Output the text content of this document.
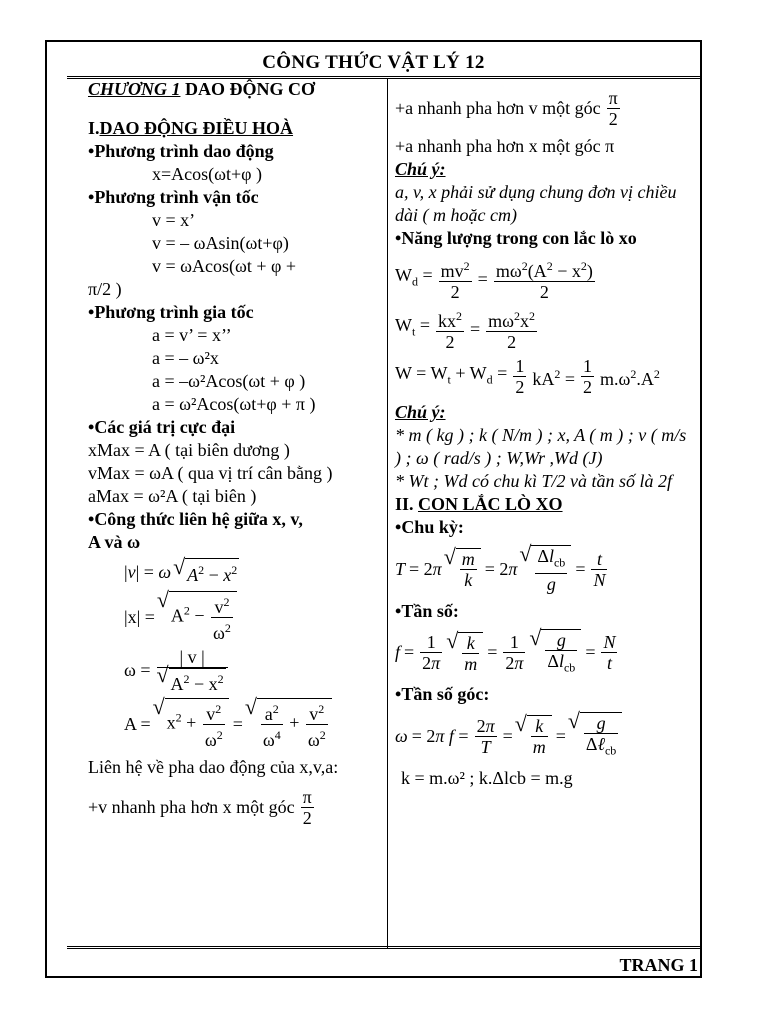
CÔNG THỨC VẬT LÝ 12
TRANG 1
CHƯƠNG 1 DAO ĐỘNG CƠ
I.DAO ĐỘNG ĐIỀU HOÀ
• Phương trình dao động
x=Acos(ωt+φ )
• Phương trình vận tốc
v = x’
v = – ωAsin(ωt+φ)
v = ωAcos(ωt + φ +
π/2 )
• Phương trình gia tốc
a = v’ = x’’
a = – ω²x
a = –ω²Acos(ωt + φ )
a = ω²Acos(ωt+φ + π )
• Các giá trị cực đại
xMax = A ( tại biên dương )
vMax = ωA ( qua vị trí cân bằng )
aMax = ω²A ( tại biên )
• Công thức liên hệ giữa x, v,
A và ω
|v| = ω √ $A^2 - x^2$
|x| = √ $A^2 - \frac{v^2}{\omega^2}$
ω = | v |
√ $A^2 - x^2$
A = √ $x^2 + \frac{v^2}{\omega^2}$ = √ $\frac{a^2}{\omega^4} + \frac{v^2}{\omega^2}$
Liên hệ về pha dao động của x,v,a:
+v nhanh pha hơn x một góc $\frac{\pi}{2}$
+a nhanh pha hơn v một góc $\frac{\pi}{2}$
+a nhanh pha hơn x một góc π
Chú ý:
a, v, x phải sử dụng chung đơn vị chiều dài ( m hoặc cm)
• Năng lượng trong con lắc lò xo
$W_d = \frac{mv^2}{2} = \frac{m\omega^2(A^2 - x^2)}{2}$
$W_t = \frac{kx^2}{2} = \frac{m\omega^2x^2}{2}$
$W = W_t + W_d = \frac{1}{2} kA^2 = \frac{1}{2} m.\omega^2.A^2$
Chú ý:
* m ( kg ) ; k ( N/m ) ; x, A ( m ) ; v ( m/s ) ; ω ( rad/s ) ; W,Wr ,Wd (J)
* Wt ; Wd có chu kì T/2 và tần số là 2f
II. CON LẮC LÒ XO
• Chu kỳ:
T = 2π √ $\frac{m}{k} = 2\pi$ √ $\frac{\Delta l_{cb}}{g} = \frac{t}{N}$
• Tần số:
$f = \frac{1}{2\pi}$ √ $\frac{k}{m} = \frac{1}{2\pi}$ √ $\frac{g}{\Delta l_{cb}} = \frac{N}{t}$
• Tần số góc:
ω = 2π $f = \frac{2\pi}{T}$ = √ $\frac{k}{m}$ = √ $\frac{g}{\Delta\ell_{cb}}$
k = m.ω² ; k.Δlcb = m.g
